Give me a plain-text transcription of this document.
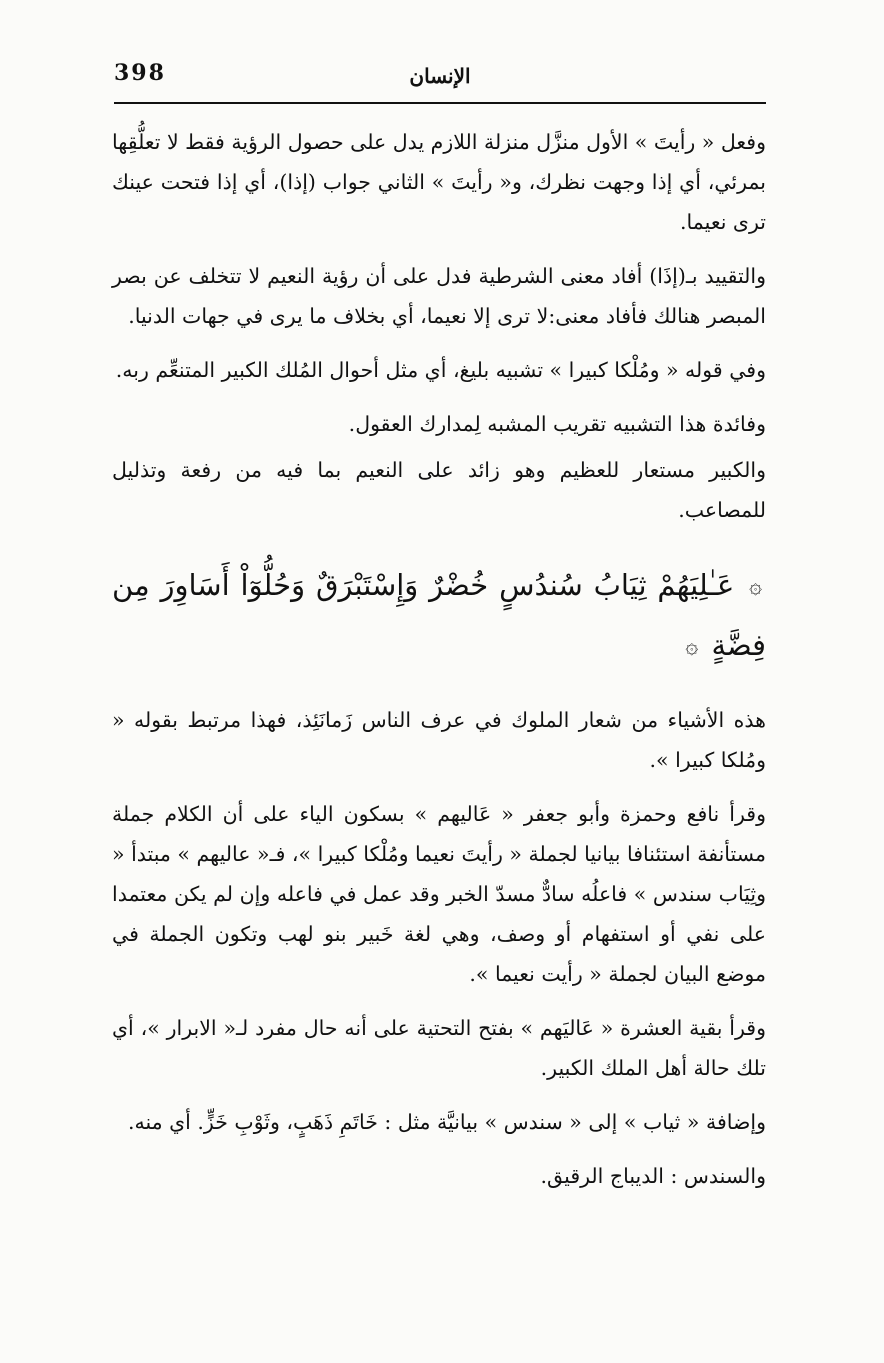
398	الإنسان

وفعل « رأيتَ » الأول منزَّل منزلة اللازم يدل على حصول الرؤية فقط لا تعلُّقِها بمرئي، أي إذا وجهت نظرك، و« رأيتَ » الثاني جواب (إذا)، أي إذا فتحت عينك ترى نعيما.

والتقييد بـ(إذَا) أفاد معنى الشرطية فدل على أن رؤية النعيم لا تتخلف عن بصر المبصر هنالك فأفاد معنى:لا ترى إلا نعيما، أي بخلاف ما يرى في جهات الدنيا.

وفي قوله « ومُلْكا كبيرا » تشبيه بليغ، أي مثل أحوال المُلك الكبير المتنعِّم ربه.

وفائدة هذا التشبيه تقريب المشبه لِمدارك العقول.

والكبير مستعار للعظيم وهو زائد على النعيم بما فيه من رفعة وتذليل للمصاعب.

۞ عَـٰلِيَهُمْ ثِيَابُ سُندُسٍ خُضْرٌ وَإِسْتَبْرَقٌ وَحُلُّوٓاْ أَسَاوِرَ مِن فِضَّةٍ ۞

هذه الأشياء من شعار الملوك في عرف الناس زَمانَئِذ، فهذا مرتبط بقوله « ومُلكا كبيرا ».

وقرأ نافع وحمزة وأبو جعفر « عَاليهم » بسكون الياء على أن الكلام جملة مستأنفة استئنافا بيانيا لجملة « رأيتَ نعيما ومُلْكا كبيرا »، فـ« عاليهم » مبتدأ « وثِيَاب سندس » فاعلُه سادٌّ مسدّ الخبر وقد عمل في فاعله وإن لم يكن معتمدا على نفي أو استفهام أو وصف، وهي لغة خَبير بنو لهب وتكون الجملة في موضع البيان لجملة « رأيت نعيما ».

وقرأ بقية العشرة « عَاليَهم » بفتح التحتية على أنه حال مفرد لـ« الابرار »، أي تلك حالة أهل الملك الكبير.

وإضافة « ثياب » إلى « سندس » بيانيَّة مثل : خَاتَمِ ذَهَبٍ، وثَوْبِ خَزٍّ. أي منه.

والسندس : الديباج الرقيق.
